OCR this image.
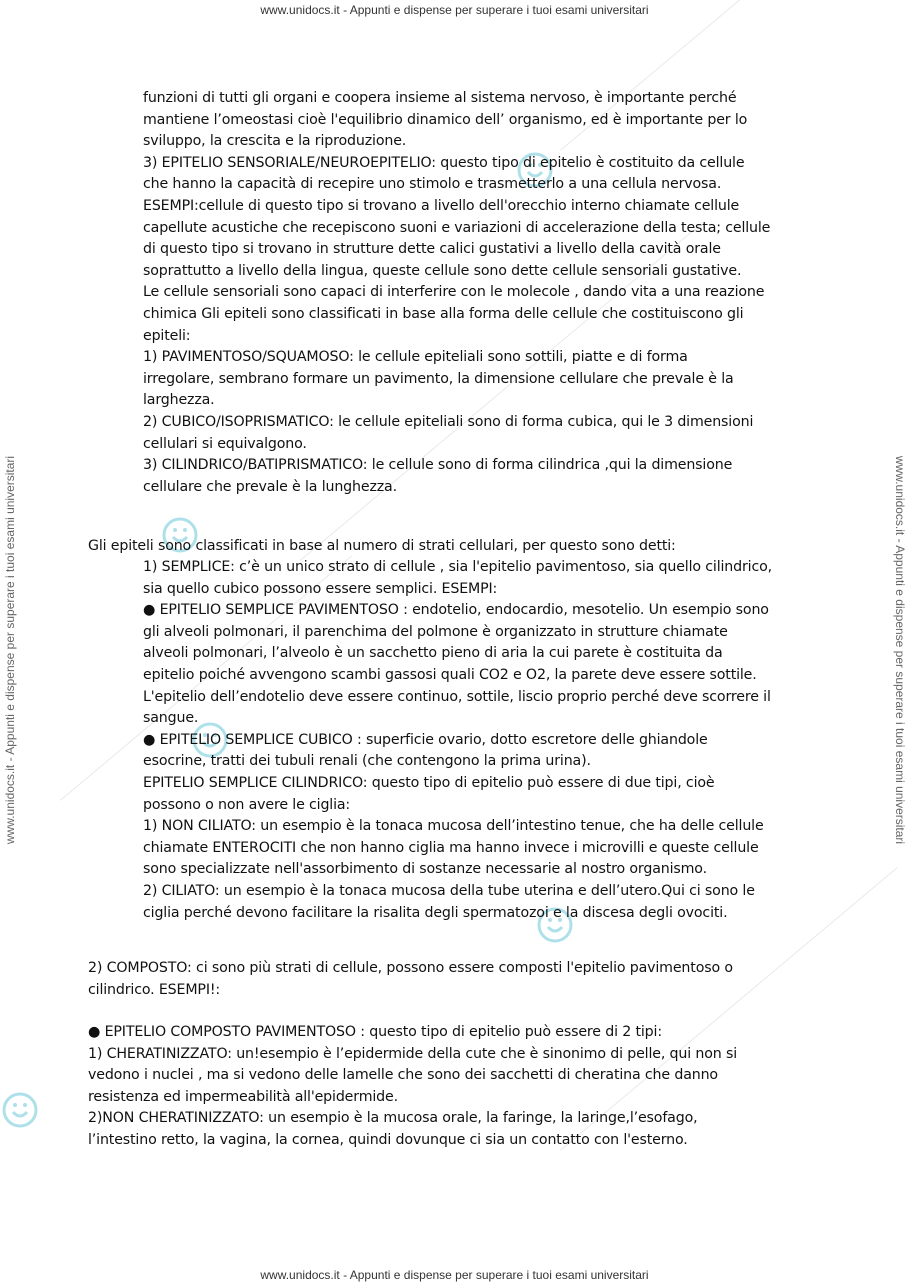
www.unidocs.it - Appunti e dispense per superare i tuoi esami universitari
www.unidocs.it - Appunti e dispense per superare i tuoi esami universitari
www.unidocs.it - Appunti e dispense per superare i tuoi esami universitari	www.unidocs.it - Appunti e dispense per superare i tuoi esami universitari

funzioni di tutti gli organi e coopera insieme al sistema nervoso, è importante perché

mantiene l’omeostasi cioè l'equilibrio dinamico dell’ organismo, ed è importante per lo

sviluppo, la crescita e la riproduzione.

3) EPITELIO SENSORIALE/NEUROEPITELIO: questo tipo di epitelio è costituito da cellule

che hanno la capacità di recepire uno stimolo e trasmetterlo a una cellula nervosa.

ESEMPI:cellule di questo tipo si trovano a livello dell'orecchio interno chiamate cellule

capellute acustiche che recepiscono suoni e variazioni di accelerazione della testa; cellule

di questo tipo si trovano in strutture dette calici gustativi a livello della cavità orale

soprattutto a livello della lingua, queste cellule sono dette cellule sensoriali gustative.

Le cellule sensoriali sono capaci di interferire con le molecole , dando vita a una reazione

chimica Gli epiteli sono classificati in base alla forma delle cellule che costituiscono gli

epiteli:

1) PAVIMENTOSO/SQUAMOSO: le cellule epiteliali sono sottili, piatte e di forma

irregolare, sembrano formare un pavimento, la dimensione cellulare che prevale è la

larghezza.

2) CUBICO/ISOPRISMATICO: le cellule epiteliali sono di forma cubica, qui le 3 dimensioni

cellulari si equivalgono.

3) CILINDRICO/BATIPRISMATICO: le cellule sono di forma cilindrica ,qui la dimensione

cellulare che prevale è la lunghezza.

Gli epiteli sono classificati in base al numero di strati cellulari, per questo sono detti:

1) SEMPLICE: c’è un unico strato di cellule , sia l'epitelio pavimentoso, sia quello cilindrico,

sia quello cubico possono essere semplici. ESEMPI:

● EPITELIO SEMPLICE PAVIMENTOSO : endotelio, endocardio, mesotelio. Un esempio sono

gli alveoli polmonari, il parenchima del polmone è organizzato in strutture chiamate

alveoli polmonari, l’alveolo è un sacchetto pieno di aria la cui parete è costituita da

epitelio poiché avvengono scambi gassosi quali CO2 e O2, la parete deve essere sottile.

L'epitelio dell’endotelio deve essere continuo, sottile, liscio proprio perché deve scorrere il

sangue.

● EPITELIO SEMPLICE CUBICO : superficie ovario, dotto escretore delle ghiandole

esocrine, tratti dei tubuli renali (che contengono la prima urina).

EPITELIO SEMPLICE CILINDRICO: questo tipo di epitelio può essere di due tipi, cioè

possono o non avere le ciglia:

1) NON CILIATO: un esempio è la tonaca mucosa dell’intestino tenue, che ha delle cellule

chiamate ENTEROCITI che non hanno ciglia ma hanno invece i microvilli e queste cellule

sono specializzate nell'assorbimento di sostanze necessarie al nostro organismo.

2) CILIATO: un esempio è la tonaca mucosa della tube uterina e dell’utero.Qui ci sono le

ciglia perché devono facilitare la risalita degli spermatozoi e la discesa degli ovociti.

2) COMPOSTO: ci sono più strati di cellule, possono essere composti l'epitelio pavimentoso o

cilindrico. ESEMPI!:

● EPITELIO COMPOSTO PAVIMENTOSO : questo tipo di epitelio può essere di 2 tipi:

1) CHERATINIZZATO: un!esempio è l’epidermide della cute che è sinonimo di pelle, qui non si

vedono i nuclei , ma si vedono delle lamelle che sono dei sacchetti di cheratina che danno

resistenza ed impermeabilità all'epidermide.

2)NON CHERATINIZZATO: un esempio è la mucosa orale, la faringe, la laringe,l’esofago,

l’intestino retto, la vagina, la cornea, quindi dovunque ci sia un contatto con l'esterno.
